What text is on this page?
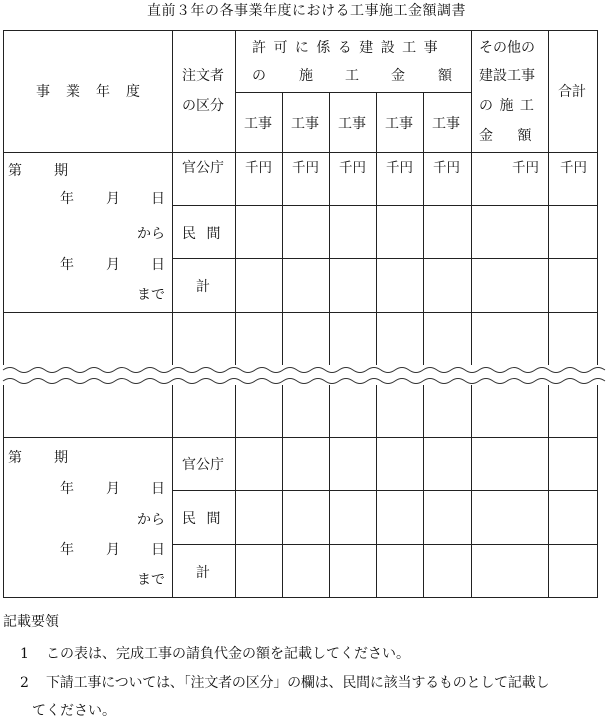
直前３年の各事業年度における工事施工金額調書
事　業　年　度
注文者
の区分
許 可 に 係 る 建 設 工 事
の 施 工 金 額
工事 工事 工事 工事 工事
その他の
建設工事
の 施 工
金　 額
合計
第 期
年 月 日
から
年 月 日
まで
官公庁
民 間
計
千円 千円 千円 千円 千円	千円 千円
第 期
年 月 日
から
年 月 日
まで
官公庁
民 間
計
記載要領
1 この表は、完成工事の請負代金の額を記載してください。
2 下請工事については、「注文者の区分」の欄は、民間に該当するものとして記載し
てください。
